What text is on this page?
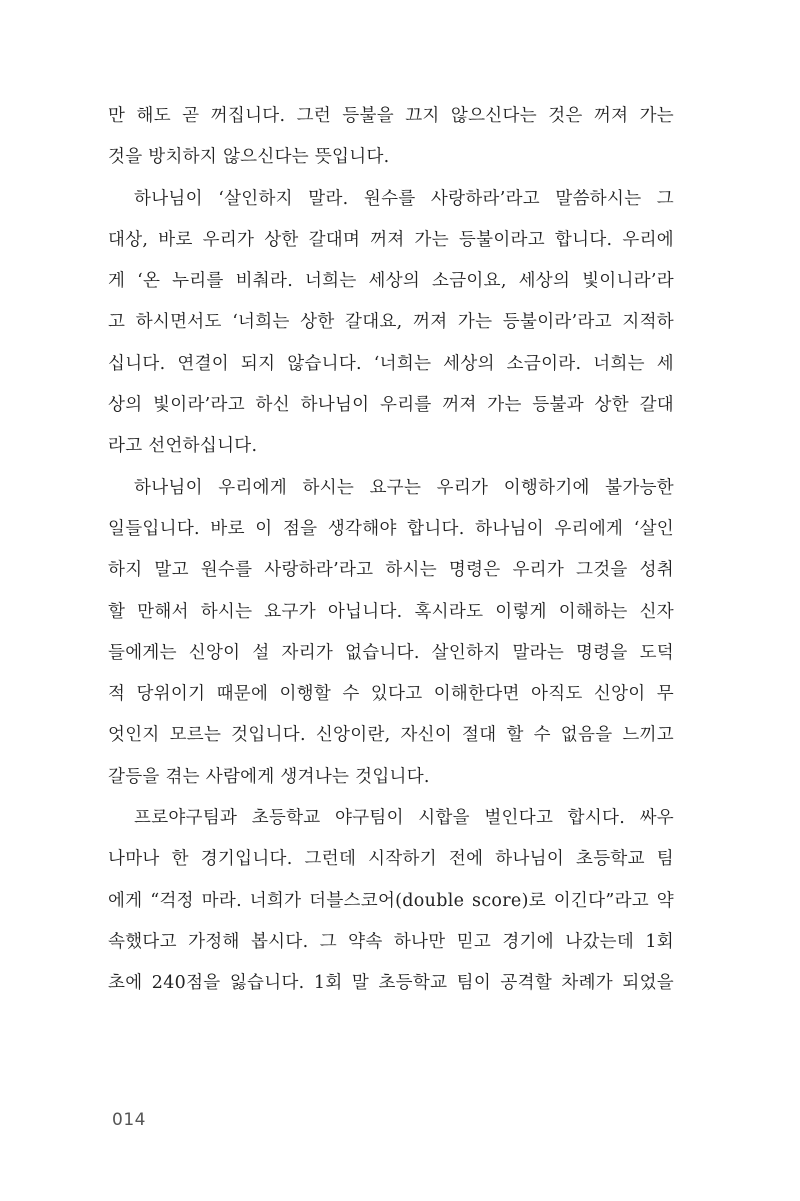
만 해도 곧 꺼집니다. 그런 등불을 끄지 않으신다는 것은 꺼져 가는
것을 방치하지 않으신다는 뜻입니다.
하나님이 ‘살인하지 말라. 원수를 사랑하라’라고 말씀하시는 그
대상, 바로 우리가 상한 갈대며 꺼져 가는 등불이라고 합니다. 우리에
게 ‘온 누리를 비춰라. 너희는 세상의 소금이요, 세상의 빛이니라’라
고 하시면서도 ‘너희는 상한 갈대요, 꺼져 가는 등불이라’라고 지적하
십니다. 연결이 되지 않습니다. ‘너희는 세상의 소금이라. 너희는 세
상의 빛이라’라고 하신 하나님이 우리를 꺼져 가는 등불과 상한 갈대
라고 선언하십니다.
하나님이 우리에게 하시는 요구는 우리가 이행하기에 불가능한
일들입니다. 바로 이 점을 생각해야 합니다. 하나님이 우리에게 ‘살인
하지 말고 원수를 사랑하라’라고 하시는 명령은 우리가 그것을 성취
할 만해서 하시는 요구가 아닙니다. 혹시라도 이렇게 이해하는 신자
들에게는 신앙이 설 자리가 없습니다. 살인하지 말라는 명령을 도덕
적 당위이기 때문에 이행할 수 있다고 이해한다면 아직도 신앙이 무
엇인지 모르는 것입니다. 신앙이란, 자신이 절대 할 수 없음을 느끼고
갈등을 겪는 사람에게 생겨나는 것입니다.
프로야구팀과 초등학교 야구팀이 시합을 벌인다고 합시다. 싸우
나마나 한 경기입니다. 그런데 시작하기 전에 하나님이 초등학교 팀
에게 “걱정 마라. 너희가 더블스코어(double score)로 이긴다”라고 약
속했다고 가정해 봅시다. 그 약속 하나만 믿고 경기에 나갔는데 1회
초에 240점을 잃습니다. 1회 말 초등학교 팀이 공격할 차례가 되었을
014
